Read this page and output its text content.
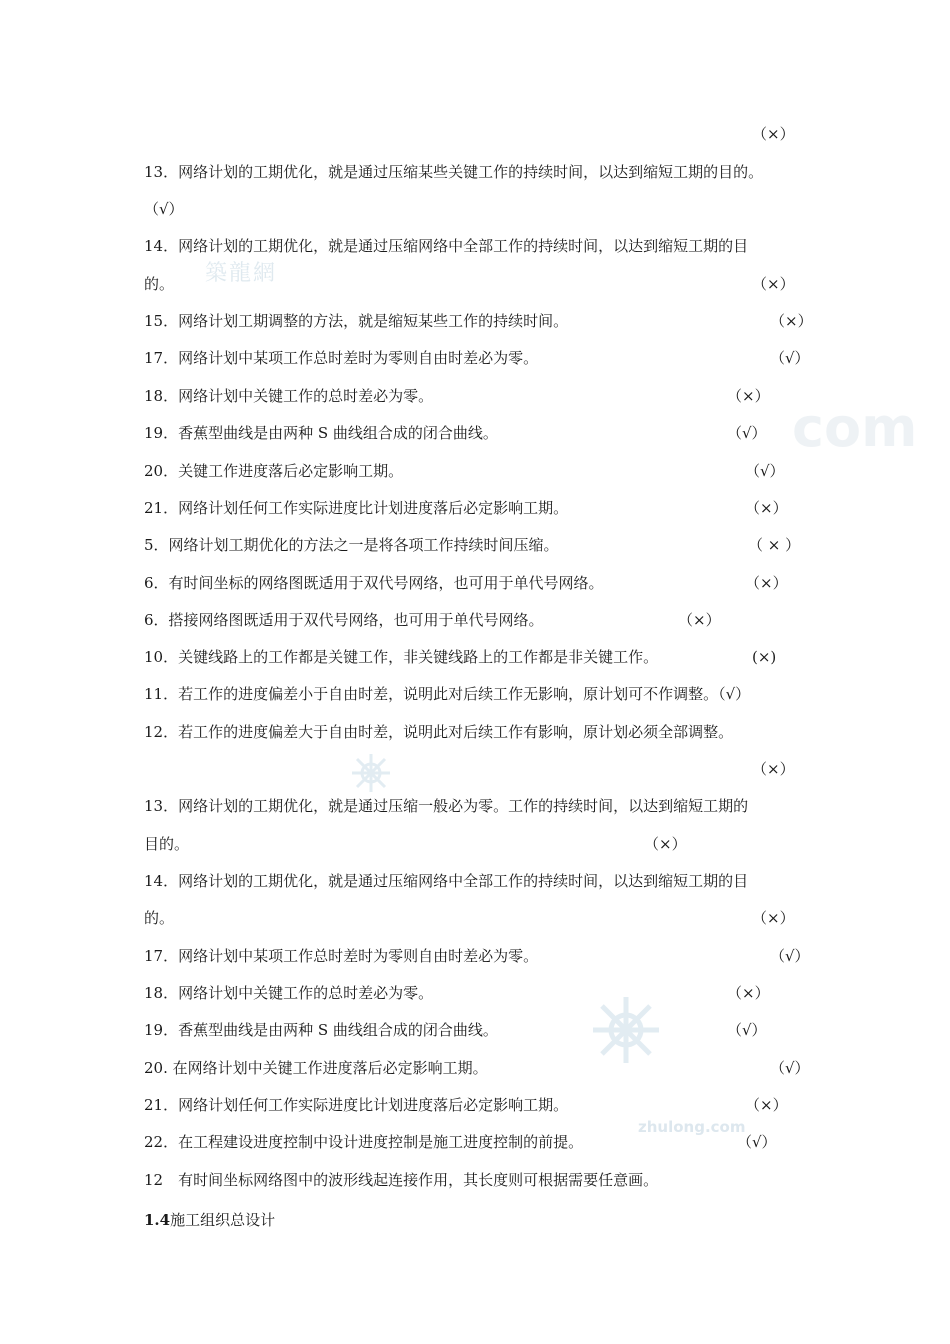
築龍網
com
zhulong.com
（×）
13．网络计划的工期优化，就是通过压缩某些关键工作的持续时间，以达到缩短工期的目的。
（√）
14．网络计划的工期优化，就是通过压缩网络中全部工作的持续时间，以达到缩短工期的目
的。	（×）
15．网络计划工期调整的方法，就是缩短某些工作的持续时间。	（×）
17．网络计划中某项工作总时差时为零则自由时差必为零。	（√）
18．网络计划中关键工作的总时差必为零。	（×）
19．香蕉型曲线是由两种 S 曲线组合成的闭合曲线。	（√）
20．关键工作进度落后必定影响工期。	（√）
21．网络计划任何工作实际进度比计划进度落后必定影响工期。	（×）
5．网络计划工期优化的方法之一是将各项工作持续时间压缩。	（ × ）
6．有时间坐标的网络图既适用于双代号网络，也可用于单代号网络。	（×）
6．搭接网络图既适用于双代号网络，也可用于单代号网络。	（×）
10．关键线路上的工作都是关键工作，非关键线路上的工作都是非关键工作。	(×)
11．若工作的进度偏差小于自由时差，说明此对后续工作无影响，原计划可不作调整。（√）
12．若工作的进度偏差大于自由时差，说明此对后续工作有影响，原计划必须全部调整。
（×）
13．网络计划的工期优化，就是通过压缩一般必为零。工作的持续时间，以达到缩短工期的
目的。	（×）
14．网络计划的工期优化，就是通过压缩网络中全部工作的持续时间，以达到缩短工期的目
的。	（×）
17．网络计划中某项工作总时差时为零则自由时差必为零。	（√）
18．网络计划中关键工作的总时差必为零。	（×）
19．香蕉型曲线是由两种 S 曲线组合成的闭合曲线。	（√）
20. 在网络计划中关键工作进度落后必定影响工期。	（√）
21．网络计划任何工作实际进度比计划进度落后必定影响工期。	（×）
22．在工程建设进度控制中设计进度控制是施工进度控制的前提。	（√）
12　有时间坐标网络图中的波形线起连接作用，其长度则可根据需要任意画。
1.4施工组织总设计
